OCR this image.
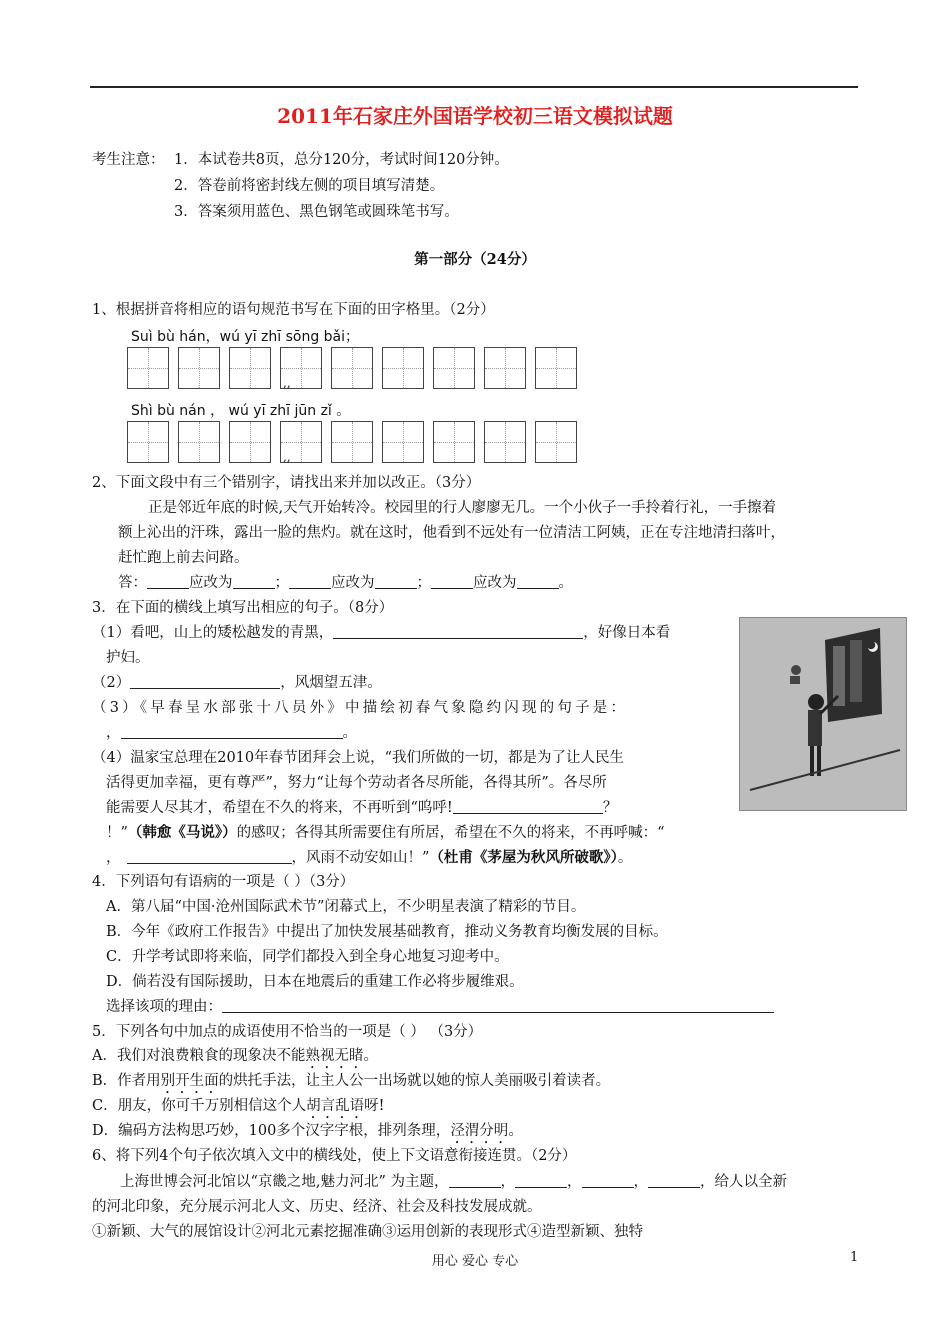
2011年石家庄外国语学校初三语文模拟试题
考生注意： 1．本试卷共8页，总分120分，考试时间120分钟。
2．答卷前将密封线左侧的项目填写清楚。
3．答案须用蓝色、黑色钢笔或圆珠笔书写。
第一部分（24分）
1、根据拼音将相应的语句规范书写在下面的田字格里。（2分）
Suì bù hán，wú yī zhī sōng bǎi；
,,
Shì bù nán ， wú yī zhī jūn zǐ 。
,,
2、下面文段中有三个错别字，请找出来并加以改正。（3分）
正是邻近年底的时候,天气开始转冷。校园里的行人廖廖无几。一个小伙子一手拎着行礼，一手擦着
额上沁出的汗珠，露出一脸的焦灼。就在这时，他看到不远处有一位清洁工阿姨，正在专注地清扫落叶，
赶忙跑上前去问路。
答：	应改为	；	应改为	；	应改为	。
3．在下面的横线上填写出相应的句子。（8分）
（1）看吧，山上的矮松越发的青黑，	，好像日本看
护妇。
（2）	，风烟望五津。
（3）《早春呈水部张十八员外》中描绘初春气象隐约闪现的句子是：
，	。
（4）温家宝总理在2010年春节团拜会上说，“我们所做的一切，都是为了让人民生
活得更加幸福，更有尊严”，努力“让每个劳动者各尽所能，各得其所”。各尽所
能需要人尽其才，希望在不久的将来，不再听到“呜呼!	？
！”（韩愈《马说》）的感叹；各得其所需要住有所居，希望在不久的将来，不再呼喊：“
，	，风雨不动安如山！”（杜甫《茅屋为秋风所破歌》）。
4．下列语句有语病的一项是（ ）（3分）
A．第八届“中国·沧州国际武术节”闭幕式上，不少明星表演了精彩的节目。
B．今年《政府工作报告》中提出了加快发展基础教育，推动义务教育均衡发展的目标。
C．升学考试即将来临，同学们都投入到全身心地复习迎考中。
D．倘若没有国际援助，日本在地震后的重建工作必将步履维艰。
选择该项的理由：
5．下列各句中加点的成语使用不恰当的一项是（ ） （3分）
A．我们对浪费粮食的现象决不能熟视无睹。
B．作者用别开生面的烘托手法，让主人公一出场就以她的惊人美丽吸引着读者。
C．朋友，你可千万别相信这个人胡言乱语呀!
D．编码方法构思巧妙，100多个汉字字根，排列条理，泾渭分明。
6、将下列4个句子依次填入文中的横线处，使上下文语意衔接连贯。（2分）
上海世博会河北馆以“京畿之地,魅力河北” 为主题，	，	，	，	，给人以全新
的河北印象，充分展示河北人文、历史、经济、社会及科技发展成就。
①新颖、大气的展馆设计②河北元素挖掘准确③运用创新的表现形式④造型新颖、独特
用心 爱心 专心	1
